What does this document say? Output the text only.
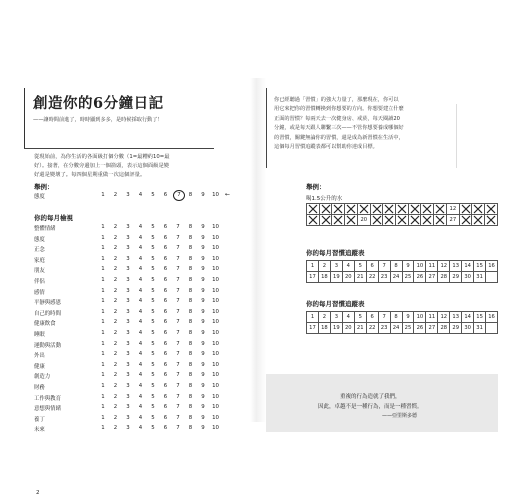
創造你的6分鐘日記
——讓時間前進了，時時顯到多多，是時候採取行動了！
從現始前，為你生活的各面級打個分數（1=最糟約10=最
好）。接著，在分數旁邊加上一個箭頭，表示這個面級是變
好還是變壞了。每四個星期重做一次這個評量。
舉例：
態度	1	2	3	4	5	6	7	8	9	10 ←
你的每月檢視
整體情緒	1	2	3	4	5	6	7	8	9	10
態度	1	2	3	4	5	6	7	8	9	10
正念	1	2	3	4	5	6	7	8	9	10
家庭	1	2	3	4	5	6	7	8	9	10
朋友	1	2	3	4	5	6	7	8	9	10
伴侶	1	2	3	4	5	6	7	8	9	10
感情	1	2	3	4	5	6	7	8	9	10
平靜與感恩	1	2	3	4	5	6	7	8	9	10
自己的時間	1	2	3	4	5	6	7	8	9	10
健康飲食	1	2	3	4	5	6	7	8	9	10
睡眠	1	2	3	4	5	6	7	8	9	10
運動與活動	1	2	3	4	5	6	7	8	9	10
外出	1	2	3	4	5	6	7	8	9	10
健康	1	2	3	4	5	6	7	8	9	10
創造力	1	2	3	4	5	6	7	8	9	10
財務	1	2	3	4	5	6	7	8	9	10
工作與教育	1	2	3	4	5	6	7	8	9	10
意想與情緒	1	2	3	4	5	6	7	8	9	10
養丁	1	2	3	4	5	6	7	8	9	10
未來	1	2	3	4	5	6	7	8	9	10
2
你已經聽過「習慣」的強大力量了，那麼現在，你可以
用它來把你的習慣轉換到你想要的方向。你想要建立什麼
正面的習慣？每兩天去一次健身房、戒菸，每天閱讀20
分鐘，或是每天跟人聯繫三次——不管你想要養成哪個好
的習慣，關鍵無論你的習慣，還是成為新習慣在生活中，
這個每月習慣追蹤表都可以幫助你達成目標。
舉例：
喝1.5公升的水

	12	

	20							27	

你的每月習慣追蹤表
1	2	3	4	5	6	7	8	9	10	11	12	13	14	15	16
17	18	19	20	21	22	23	24	25	26	27	28	29	30	31	
你的每月習慣追蹤表
1	2	3	4	5	6	7	8	9	10	11	12	13	14	15	16
17	18	19	20	21	22	23	24	25	26	27	28	29	30	31	
重複的行為造就了我們，
因此，卓越不是一種行為，而是一種習慣。
——亞里斯多德
